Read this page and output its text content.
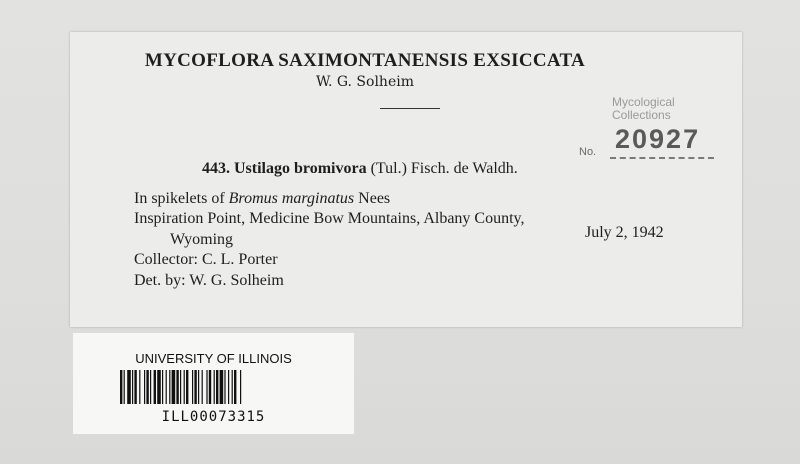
MYCOFLORA SAXIMONTANENSIS EXSICCATA
W. G. Solheim
Mycological
Collections
20927
No.
443. Ustilago bromivora (Tul.) Fisch. de Waldh.
In spikelets of Bromus marginatus Nees
Inspiration Point, Medicine Bow Mountains, Albany County,
Wyoming	July 2, 1942
Collector: C. L. Porter
Det. by: W. G. Solheim
UNIVERSITY OF ILLINOIS
ILL00073315
